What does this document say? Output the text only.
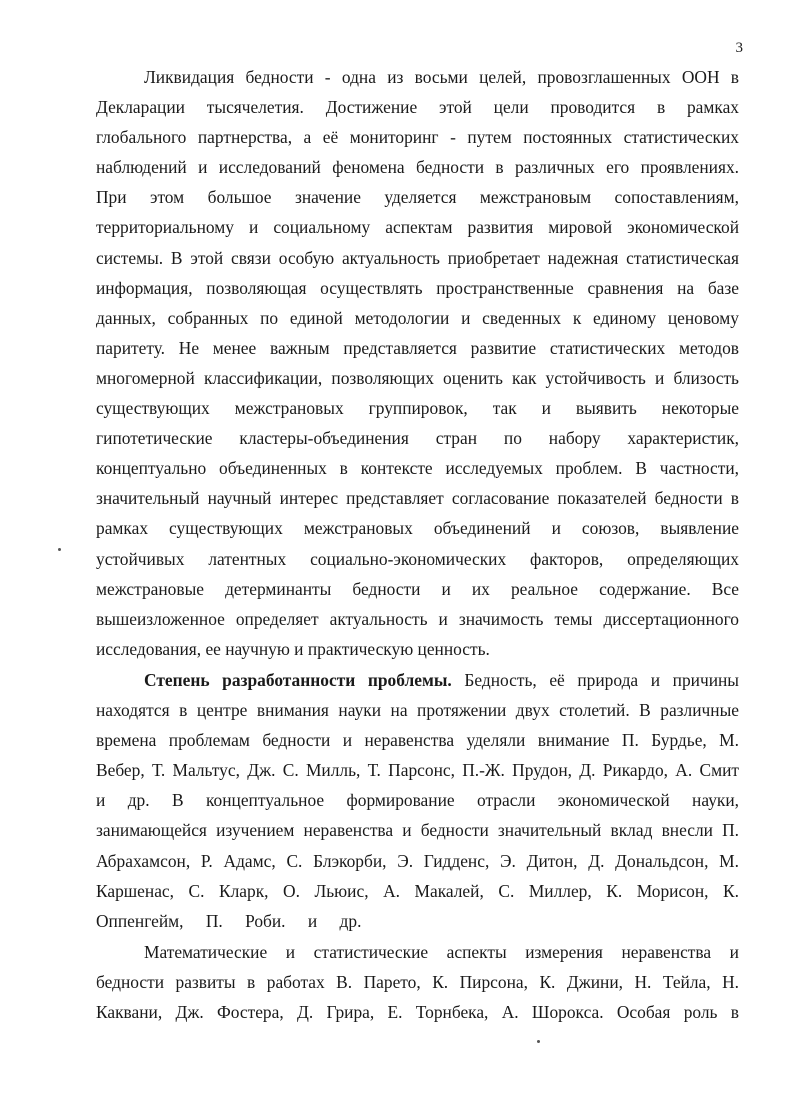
3
Ликвидация бедности - одна из восьми целей, провозглашенных ООН в
Декларации тысячелетия. Достижение этой цели проводится в рамках
глобального партнерства, а её мониторинг - путем постоянных статистических
наблюдений и исследований феномена бедности в различных его проявлениях.
При этом большое значение уделяется межстрановым сопоставлениям,
территориальному и социальному аспектам развития мировой экономической
системы. В этой связи особую актуальность приобретает надежная статистическая
информация, позволяющая осуществлять пространственные сравнения на базе
данных, собранных по единой методологии и сведенных к единому ценовому
паритету. Не менее важным представляется развитие статистических методов
многомерной классификации, позволяющих оценить как устойчивость и близость
существующих межстрановых группировок, так и выявить некоторые
гипотетические кластеры-объединения стран по набору характеристик,
концептуально объединенных в контексте исследуемых проблем. В частности,
значительный научный интерес представляет согласование показателей бедности в
рамках существующих межстрановых объединений и союзов, выявление
устойчивых латентных социально-экономических факторов, определяющих
межстрановые детерминанты бедности и их реальное содержание. Все
вышеизложенное определяет актуальность и значимость темы диссертационного
исследования, ее научную и практическую ценность.
Степень разработанности проблемы. Бедность, её природа и причины
находятся в центре внимания науки на протяжении двух столетий. В различные
времена проблемам бедности и неравенства уделяли внимание П. Бурдье, М.
Вебер, Т. Мальтус, Дж. С. Милль, Т. Парсонс, П.-Ж. Прудон, Д. Рикардо, А. Смит
и др. В концептуальное формирование отрасли экономической науки,
занимающейся изучением неравенства и бедности значительный вклад внесли П.
Абрахамсон, Р. Адамс, С. Блэкорби, Э. Гидденс, Э. Дитон, Д. Дональдсон, М.
Каршенас, С. Кларк, О. Льюис, А. Макалей, С. Миллер, К. Морисон, К.
Оппенгейм, П. Роби. и др.
Математические и статистические аспекты измерения неравенства и
бедности развиты в работах В. Парето, К. Пирсона, К. Джини, Н. Тейла, Н.
Каквани, Дж. Фостера, Д. Грира, Е. Торнбека, А. Шорокса. Особая роль в
